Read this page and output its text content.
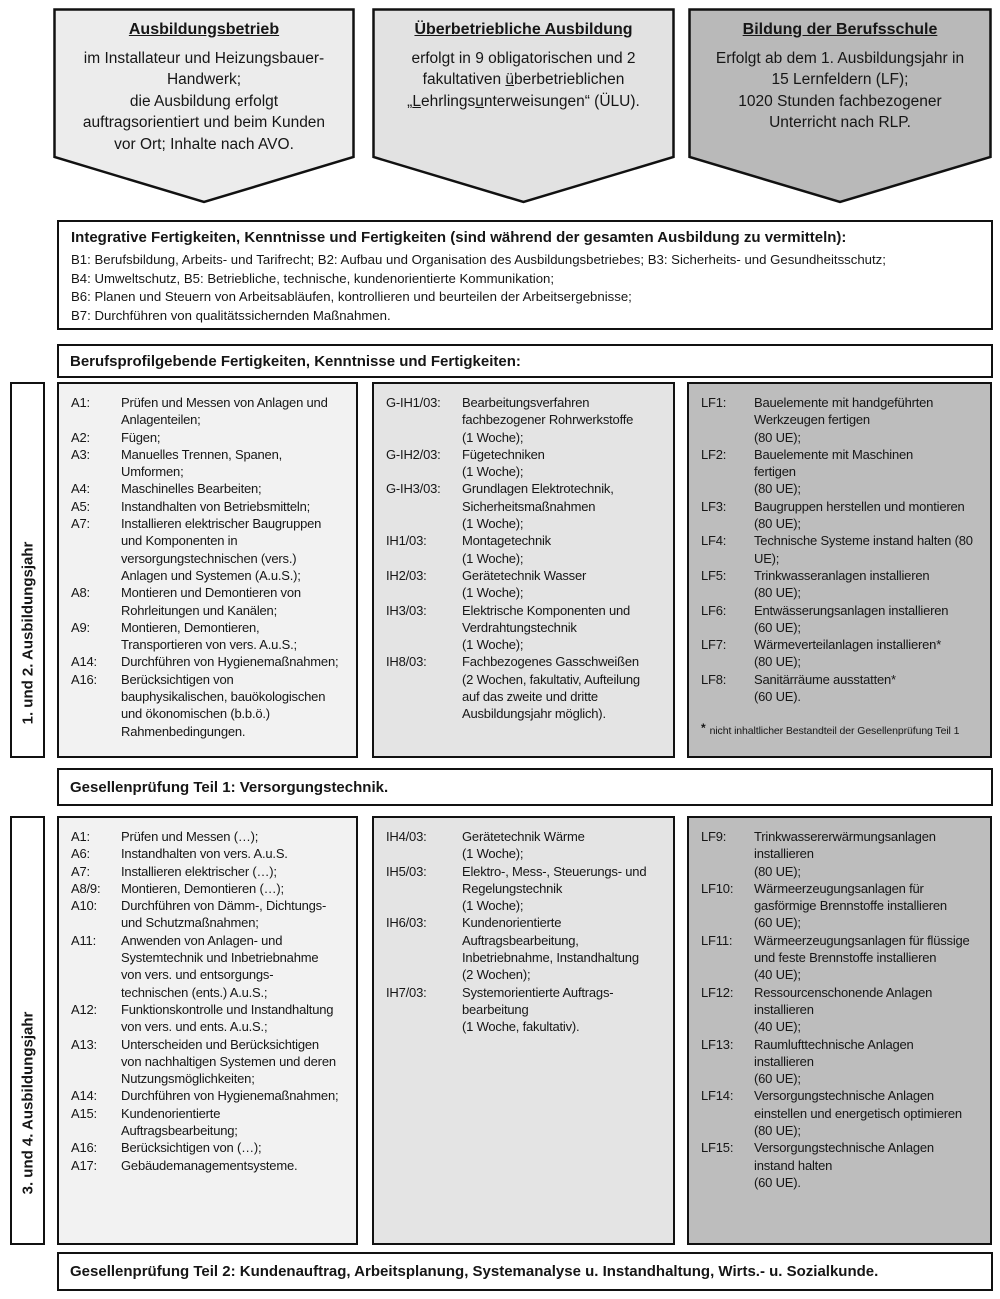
Ausbildungsbetrieb
im Installateur und Heizungsbauer-
Handwerk;
die Ausbildung erfolgt
auftragsorientiert und beim Kunden
vor Ort; Inhalte nach AVO.
Überbetriebliche Ausbildung
erfolgt in 9 obligatorischen und 2
fakultativen überbetrieblichen
„Lehrlingsunterweisungen“ (ÜLU).
Bildung der Berufsschule
Erfolgt ab dem 1. Ausbildungsjahr in
15 Lernfeldern (LF);
1020 Stunden fachbezogener
Unterricht nach RLP.
Integrative Fertigkeiten, Kenntnisse und Fertigkeiten (sind während der gesamten Ausbildung zu vermitteln):
B1: Berufsbildung, Arbeits- und Tarifrecht; B2: Aufbau und Organisation des Ausbildungsbetriebes; B3: Sicherheits- und Gesundheitsschutz;
B4: Umweltschutz, B5: Betriebliche, technische, kundenorientierte Kommunikation;
B6: Planen und Steuern von Arbeitsabläufen, kontrollieren und beurteilen der Arbeitsergebnisse;
B7: Durchführen von qualitätssichernden Maßnahmen.
Berufsprofilgebende Fertigkeiten, Kenntnisse und Fertigkeiten:
1. und 2. Ausbildungsjahr
A1:	Prüfen und Messen von Anlagen und
Anlagenteilen;
A2:	Fügen;
A3:	Manuelles Trennen, Spanen,
Umformen;
A4:	Maschinelles Bearbeiten;
A5:	Instandhalten von Betriebsmitteln;
A7:	Installieren elektrischer Baugruppen
und Komponenten in
versorgungstechnischen (vers.)
Anlagen und Systemen (A.u.S.);
A8:	Montieren und Demontieren von
Rohrleitungen und Kanälen;
A9:	Montieren, Demontieren,
Transportieren von vers. A.u.S.;
A14:	Durchführen von Hygienemaßnahmen;
A16:	Berücksichtigen von
bauphysikalischen, bauökologischen
und ökonomischen (b.b.ö.)
Rahmenbedingungen.
G-IH1/03:	Bearbeitungsverfahren
fachbezogener Rohrwerkstoffe
(1 Woche);
G-IH2/03:	Fügetechniken
(1 Woche);
G-IH3/03:	Grundlagen Elektrotechnik,
Sicherheitsmaßnahmen
(1 Woche);
IH1/03:	Montagetechnik
(1 Woche);
IH2/03:	Gerätetechnik Wasser
(1 Woche);
IH3/03:	Elektrische Komponenten und
Verdrahtungstechnik
(1 Woche);
IH8/03:	Fachbezogenes Gasschweißen
(2 Wochen, fakultativ, Aufteilung
auf das zweite und dritte
Ausbildungsjahr möglich).
LF1:	Bauelemente mit handgeführten
Werkzeugen fertigen
(80 UE);
LF2:	Bauelemente mit Maschinen
fertigen
(80 UE);
LF3:	Baugruppen herstellen und montieren
(80 UE);
LF4:	Technische Systeme instand halten (80
UE);
LF5:	Trinkwasseranlagen installieren
(80 UE);
LF6:	Entwässerungsanlagen installieren
(60 UE);
LF7:	Wärmeverteilanlagen installieren*
(80 UE);
LF8:	Sanitärräume ausstatten*
(60 UE).
* nicht inhaltlicher Bestandteil der Gesellenprüfung Teil 1
Gesellenprüfung Teil 1: Versorgungstechnik.
3. und 4. Ausbildungsjahr
A1:	Prüfen und Messen (…);
A6:	Instandhalten von vers. A.u.S.
A7:	Installieren elektrischer (…);
A8/9:	Montieren, Demontieren (…);
A10:	Durchführen von Dämm-, Dichtungs-
und Schutzmaßnahmen;
A11:	Anwenden von Anlagen- und
Systemtechnik und Inbetriebnahme
von vers. und entsorgungs-
technischen (ents.) A.u.S.;
A12:	Funktionskontrolle und Instandhaltung
von vers. und ents. A.u.S.;
A13:	Unterscheiden und Berücksichtigen
von nachhaltigen Systemen und deren
Nutzungsmöglichkeiten;
A14:	Durchführen von Hygienemaßnahmen;
A15:	Kundenorientierte
Auftragsbearbeitung;
A16:	Berücksichtigen von (…);
A17:	Gebäudemanagementsysteme.
IH4/03:	Gerätetechnik Wärme
(1 Woche);
IH5/03:	Elektro-, Mess-, Steuerungs- und
Regelungstechnik
(1 Woche);
IH6/03:	Kundenorientierte
Auftragsbearbeitung,
Inbetriebnahme, Instandhaltung
(2 Wochen);
IH7/03:	Systemorientierte Auftrags-
bearbeitung
(1 Woche, fakultativ).
LF9:	Trinkwassererwärmungsanlagen
installieren
(80 UE);
LF10:	Wärmeerzeugungsanlagen für
gasförmige Brennstoffe installieren
(60 UE);
LF11:	Wärmeerzeugungsanlagen für flüssige
und feste Brennstoffe installieren
(40 UE);
LF12:	Ressourcenschonende Anlagen
installieren
(40 UE);
LF13:	Raumlufttechnische Anlagen
installieren
(60 UE);
LF14:	Versorgungstechnische Anlagen
einstellen und energetisch optimieren
(80 UE);
LF15:	Versorgungstechnische Anlagen
instand halten
(60 UE).
Gesellenprüfung Teil 2: Kundenauftrag, Arbeitsplanung, Systemanalyse u. Instandhaltung, Wirts.- u. Sozialkunde.
